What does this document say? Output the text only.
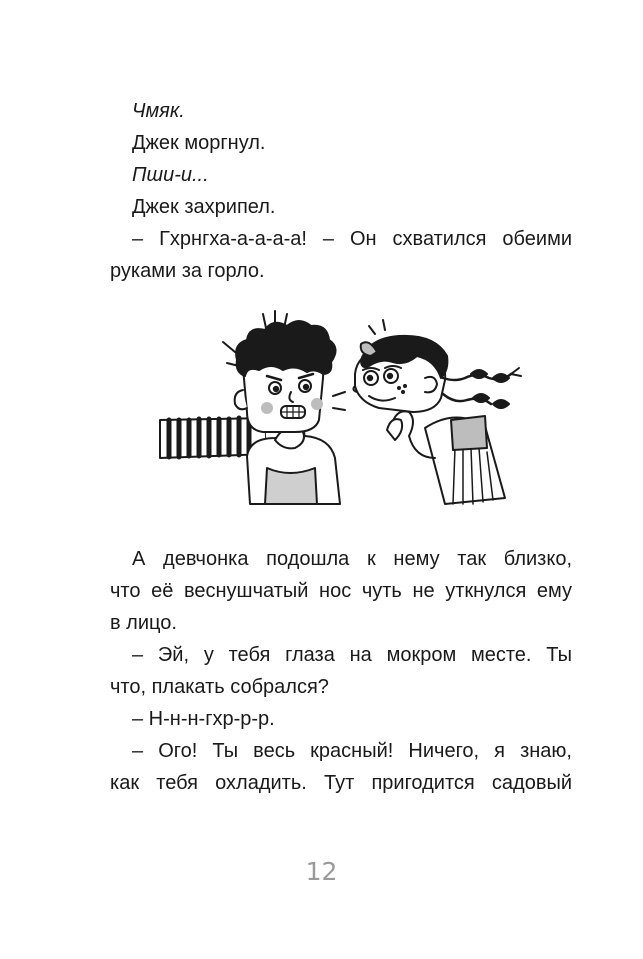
Чмяк.
Джек моргнул.
Пши-и...
Джек захрипел.
– Гхрнгха-а-а-а-а! – Он схватился обеими
руками за горло.
А девчонка подошла к нему так близко,
что её веснушчатый нос чуть не уткнулся ему
в лицо.
– Эй, у тебя глаза на мокром месте. Ты
что, плакать собрался?
– Н-н-н-гхр-р-р.
– Ого! Ты весь красный! Ничего, я знаю,
как тебя охладить. Тут пригодится садовый
12
